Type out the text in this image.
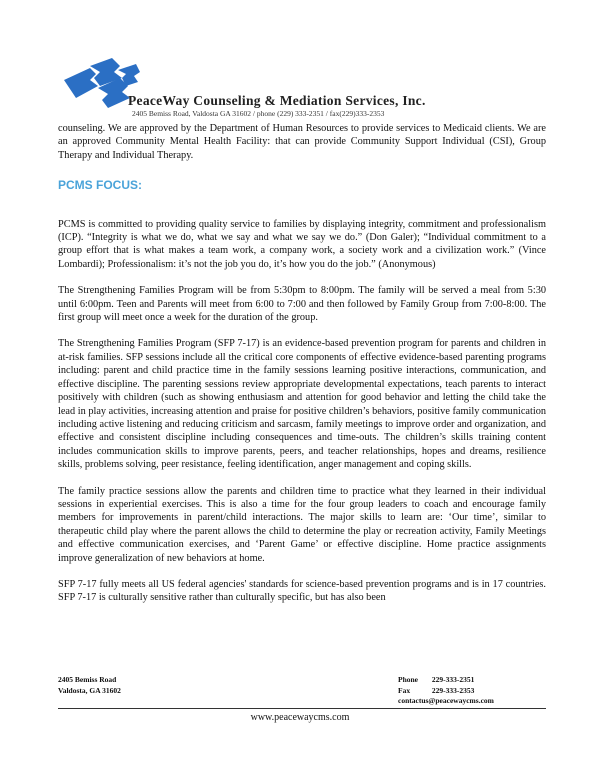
PeaceWay Counseling & Mediation Services, Inc.
2405 Bemiss Road, Valdosta GA 31602 / phone (229) 333-2351 / fax(229)333-2353

counseling. We are approved by the Department of Human Resources to provide services to Medicaid clients. We are an approved Community Mental Health Facility: that can provide Community Support Individual (CSI), Group Therapy and Individual Therapy.

PCMS FOCUS:

PCMS is committed to providing quality service to families by displaying integrity, commitment and professionalism (ICP). “Integrity is what we do, what we say and what we say we do.” (Don Galer); “Individual commitment to a group effort that is what makes a team work, a company work, a society work and a civilization work.” (Vince Lombardi); Professionalism: it’s not the job you do, it’s how you do the job.” (Anonymous)

The Strengthening Families Program will be from 5:30pm to 8:00pm. The family will be served a meal from 5:30 until 6:00pm. Teen and Parents will meet from 6:00 to 7:00 and then followed by Family Group from 7:00-8:00. The first group will meet once a week for the duration of the group.

The Strengthening Families Program (SFP 7-17) is an evidence-based prevention program for parents and children in at-risk families. SFP sessions include all the critical core components of effective evidence-based parenting programs including: parent and child practice time in the family sessions learning positive interactions, communication, and effective discipline. The parenting sessions review appropriate developmental expectations, teach parents to interact positively with children (such as showing enthusiasm and attention for good behavior and letting the child take the lead in play activities, increasing attention and praise for positive children’s behaviors, positive family communication including active listening and reducing criticism and sarcasm, family meetings to improve order and organization, and effective and consistent discipline including consequences and time-outs. The children’s skills training content includes communication skills to improve parents, peers, and teacher relationships, hopes and dreams, resilience skills, problems solving, peer resistance, feeling identification, anger management and coping skills.

The family practice sessions allow the parents and children time to practice what they learned in their individual sessions in experiential exercises. This is also a time for the four group leaders to coach and encourage family members for improvements in parent/child interactions. The major skills to learn are: ‘Our time’, similar to therapeutic child play where the parent allows the child to determine the play or recreation activity, Family Meetings and effective communication exercises, and ‘Parent Game’ or effective discipline. Home practice assignments improve generalization of new behaviors at home.

SFP 7-17 fully meets all US federal agencies' standards for science-based prevention programs and is in 17 countries. SFP 7-17 is culturally sensitive rather than culturally specific, but has also been

2405 Bemiss Road
Valdosta, GA 31602
Phone 229-333-2351
Fax	229-333-2353
contactus@peacewaycms.com
www.peacewaycms.com
